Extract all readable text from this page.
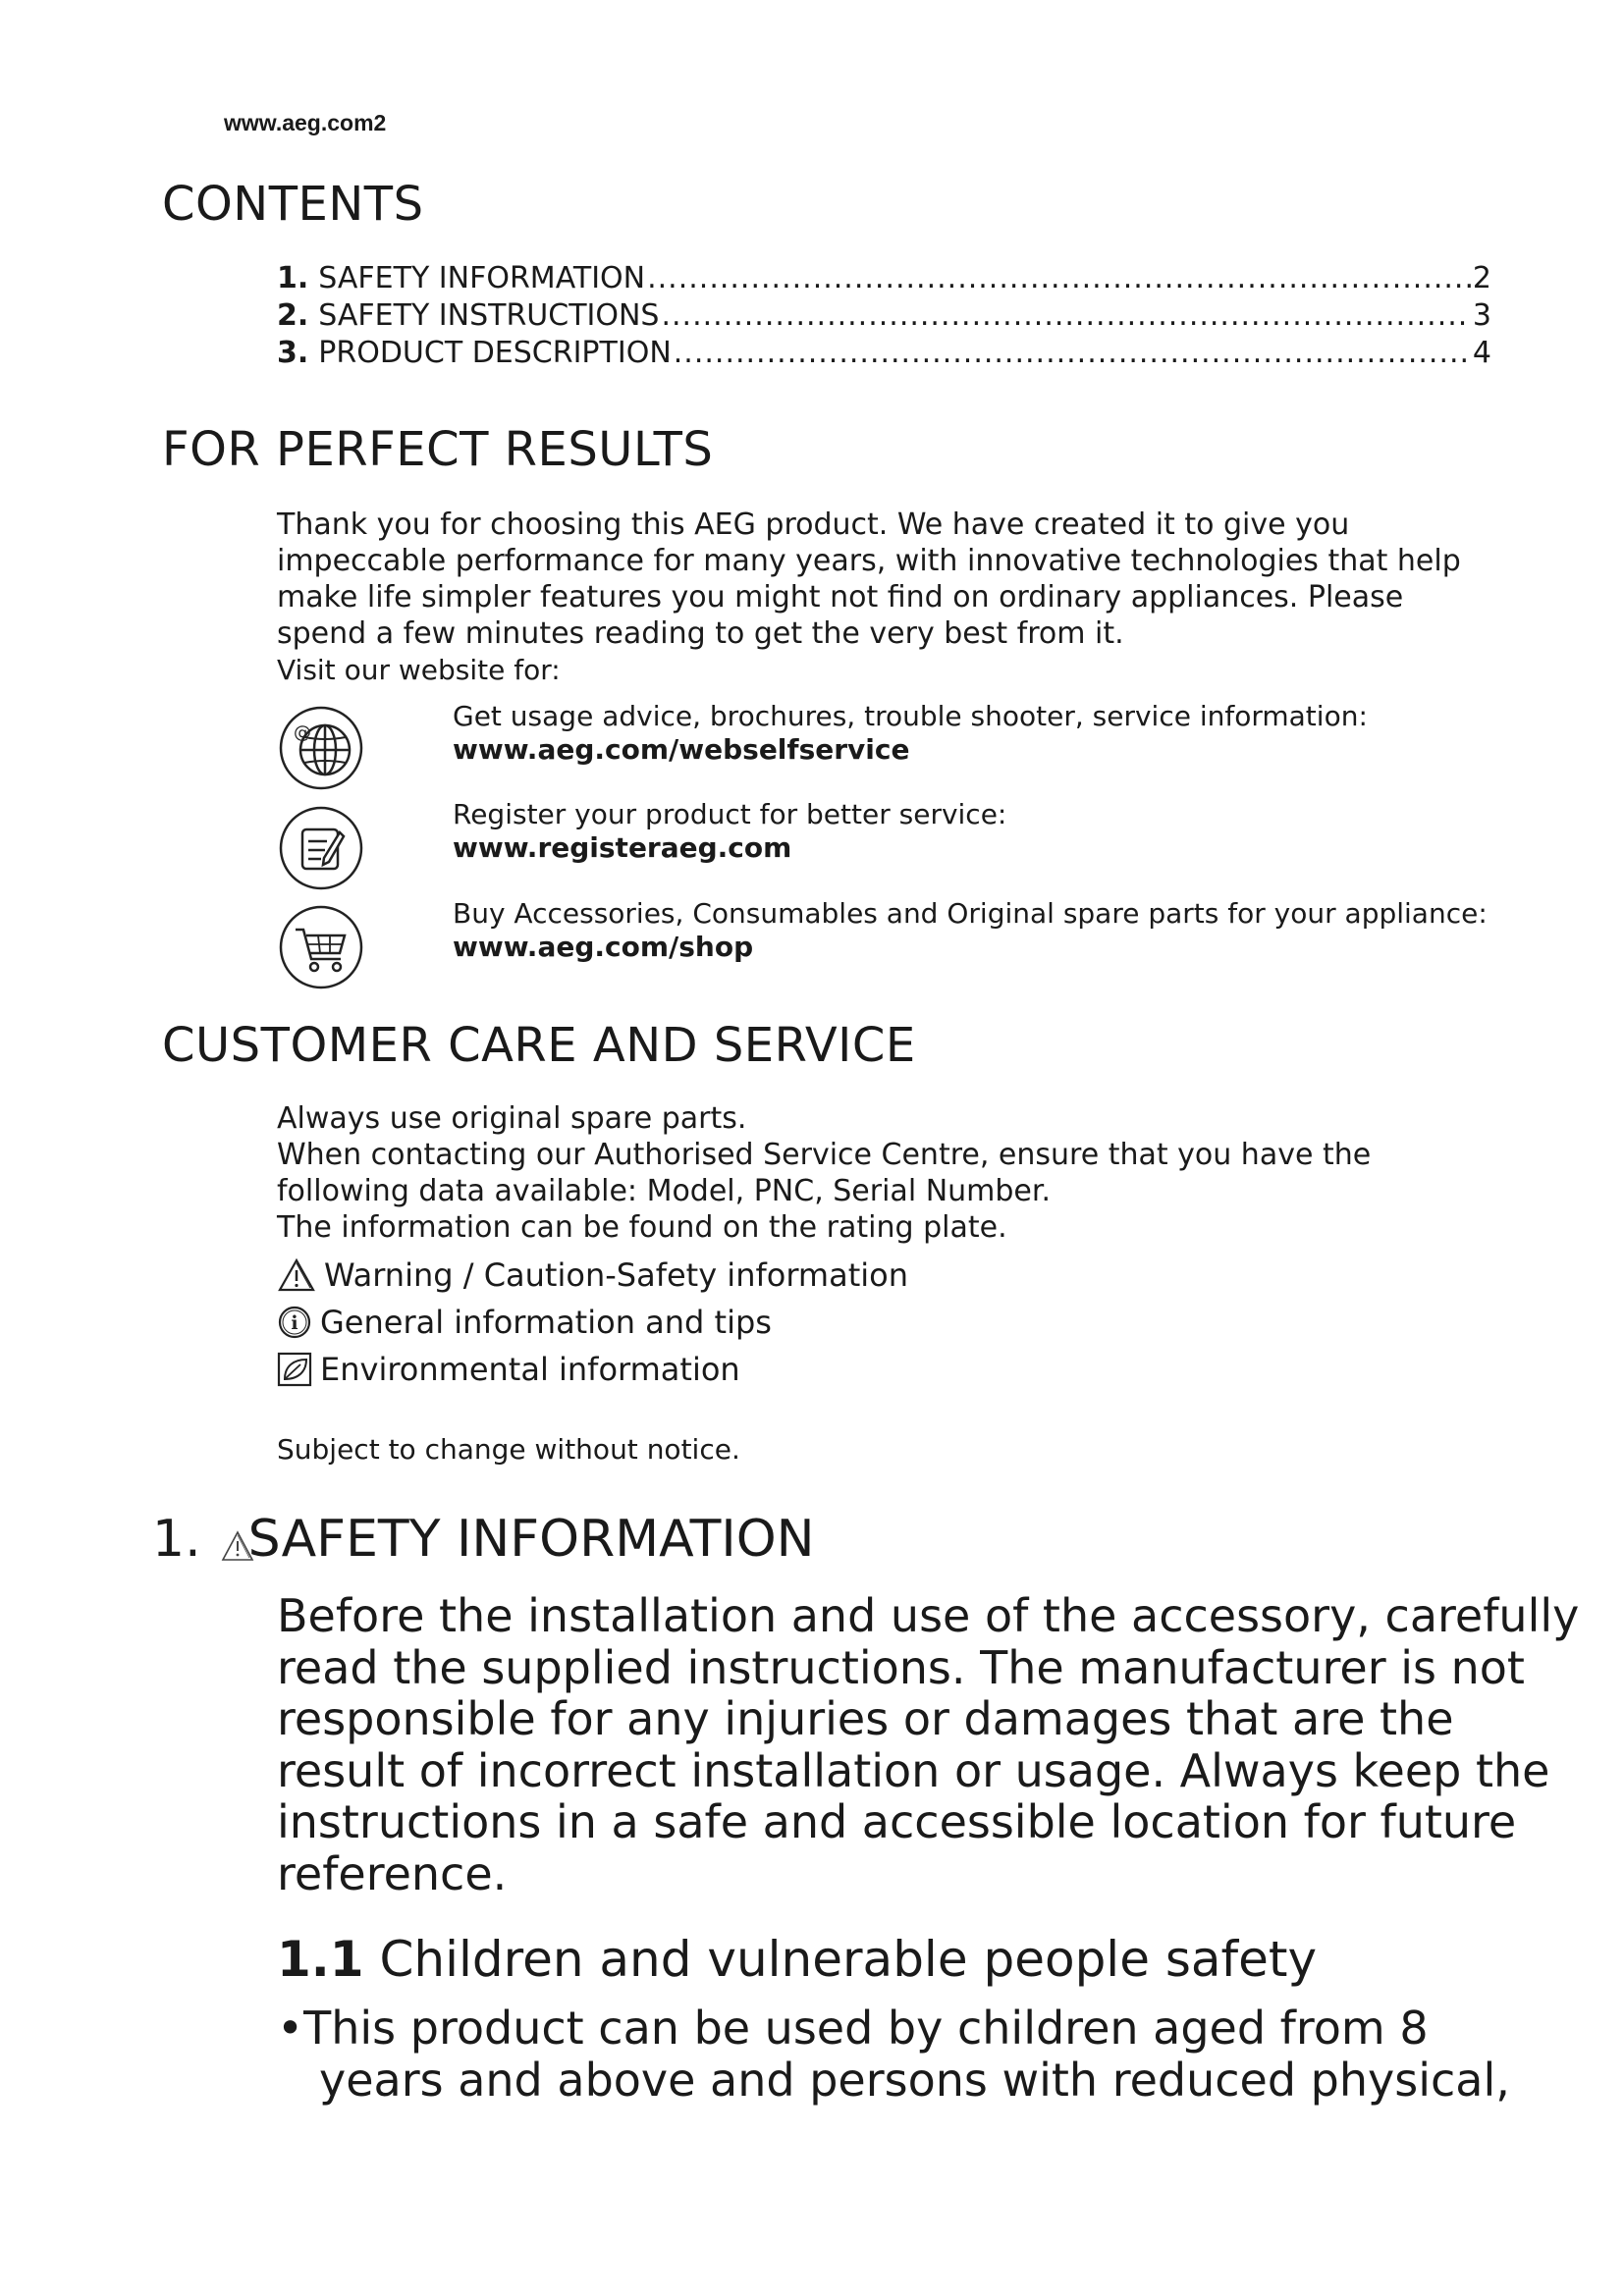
www.aeg.com2
CONTENTS
1. SAFETY INFORMATION .....	2
2. SAFETY INSTRUCTIONS .....	3
3. PRODUCT DESCRIPTION .....	4
FOR PERFECT RESULTS
Thank you for choosing this AEG product. We have created it to give you
impeccable performance for many years, with innovative technologies that help
make life simpler features you might not find on ordinary appliances. Please
spend a few minutes reading to get the very best from it.
Visit our website for:
@
Get usage advice, brochures, trouble shooter, service information:
www.aeg.com/webselfservice
Register your product for better service:
www.registeraeg.com
Buy Accessories, Consumables and Original spare parts for your appliance:
www.aeg.com/shop
CUSTOMER CARE AND SERVICE
Always use original spare parts.
When contacting our Authorised Service Centre, ensure that you have the
following data available: Model, PNC, Serial Number.
The information can be found on the rating plate.
Warning / Caution-Safety information
i General information and tips
Environmental information
Subject to change without notice.
1. SAFETY INFORMATION
Before the installation and use of the accessory, carefully
read the supplied instructions. The manufacturer is not
responsible for any injuries or damages that are the
result of incorrect installation or usage. Always keep the
instructions in a safe and accessible location for future
reference.
1.1 Children and vulnerable people safety
•This product can be used by children aged from 8
years and above and persons with reduced physical,
